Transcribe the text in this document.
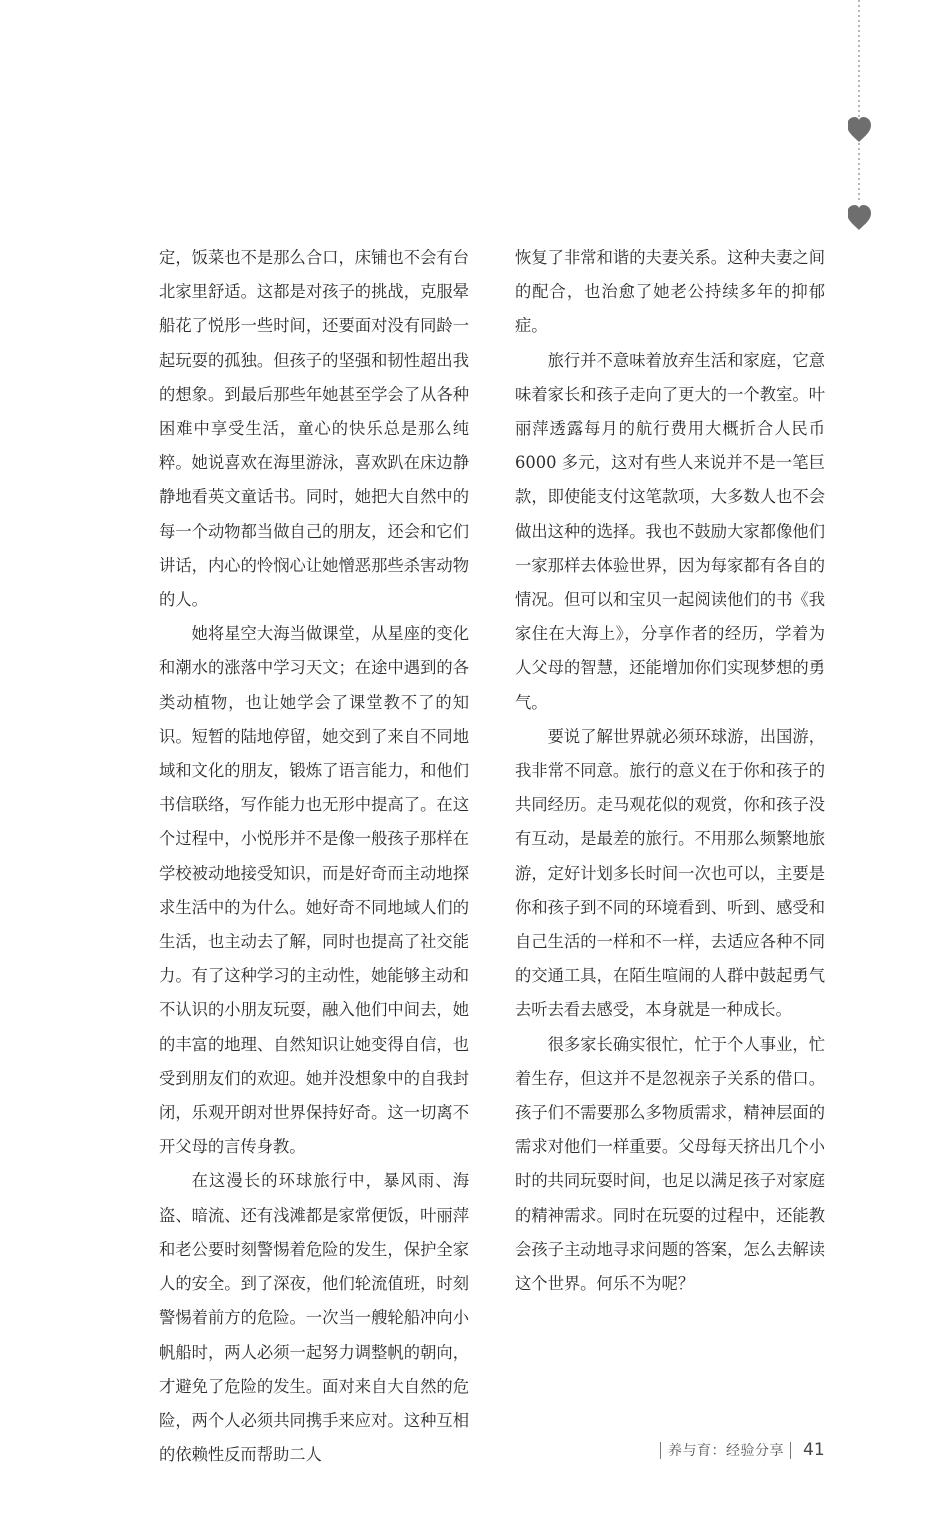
定，饭菜也不是那么合口，床铺也不会有台北家里舒适。这都是对孩子的挑战，克服晕船花了悦彤一些时间，还要面对没有同龄一起玩耍的孤独。但孩子的坚强和韧性超出我的想象。到最后那些年她甚至学会了从各种困难中享受生活，童心的快乐总是那么纯粹。她说喜欢在海里游泳，喜欢趴在床边静静地看英文童话书。同时，她把大自然中的每一个动物都当做自己的朋友，还会和它们讲话，内心的怜悯心让她憎恶那些杀害动物的人。

她将星空大海当做课堂，从星座的变化和潮水的涨落中学习天文；在途中遇到的各类动植物，也让她学会了课堂教不了的知识。短暂的陆地停留，她交到了来自不同地域和文化的朋友，锻炼了语言能力，和他们书信联络，写作能力也无形中提高了。在这个过程中，小悦彤并不是像一般孩子那样在学校被动地接受知识，而是好奇而主动地探求生活中的为什么。她好奇不同地域人们的生活，也主动去了解，同时也提高了社交能力。有了这种学习的主动性，她能够主动和不认识的小朋友玩耍，融入他们中间去，她的丰富的地理、自然知识让她变得自信，也受到朋友们的欢迎。她并没想象中的自我封闭，乐观开朗对世界保持好奇。这一切离不开父母的言传身教。

在这漫长的环球旅行中，暴风雨、海盗、暗流、还有浅滩都是家常便饭，叶丽萍和老公要时刻警惕着危险的发生，保护全家人的安全。到了深夜，他们轮流值班，时刻警惕着前方的危险。一次当一艘轮船冲向小帆船时，两人必须一起努力调整帆的朝向，才避免了危险的发生。面对来自大自然的危险，两个人必须共同携手来应对。这种互相的依赖性反而帮助二人

恢复了非常和谐的夫妻关系。这种夫妻之间的配合，也治愈了她老公持续多年的抑郁症。

旅行并不意味着放弃生活和家庭，它意味着家长和孩子走向了更大的一个教室。叶丽萍透露每月的航行费用大概折合人民币 6000 多元，这对有些人来说并不是一笔巨款，即使能支付这笔款项，大多数人也不会做出这种的选择。我也不鼓励大家都像他们一家那样去体验世界，因为每家都有各自的情况。但可以和宝贝一起阅读他们的书《我家住在大海上》，分享作者的经历，学着为人父母的智慧，还能增加你们实现梦想的勇气。

要说了解世界就必须环球游，出国游，我非常不同意。旅行的意义在于你和孩子的共同经历。走马观花似的观赏，你和孩子没有互动，是最差的旅行。不用那么频繁地旅游，定好计划多长时间一次也可以，主要是你和孩子到不同的环境看到、听到、感受和自己生活的一样和不一样，去适应各种不同的交通工具，在陌生喧闹的人群中鼓起勇气去听去看去感受，本身就是一种成长。

很多家长确实很忙，忙于个人事业，忙着生存，但这并不是忽视亲子关系的借口。孩子们不需要那么多物质需求，精神层面的需求对他们一样重要。父母每天挤出几个小时的共同玩耍时间，也足以满足孩子对家庭的精神需求。同时在玩耍的过程中，还能教会孩子主动地寻求问题的答案，怎么去解读这个世界。何乐不为呢？

养与育：经验分享 41
